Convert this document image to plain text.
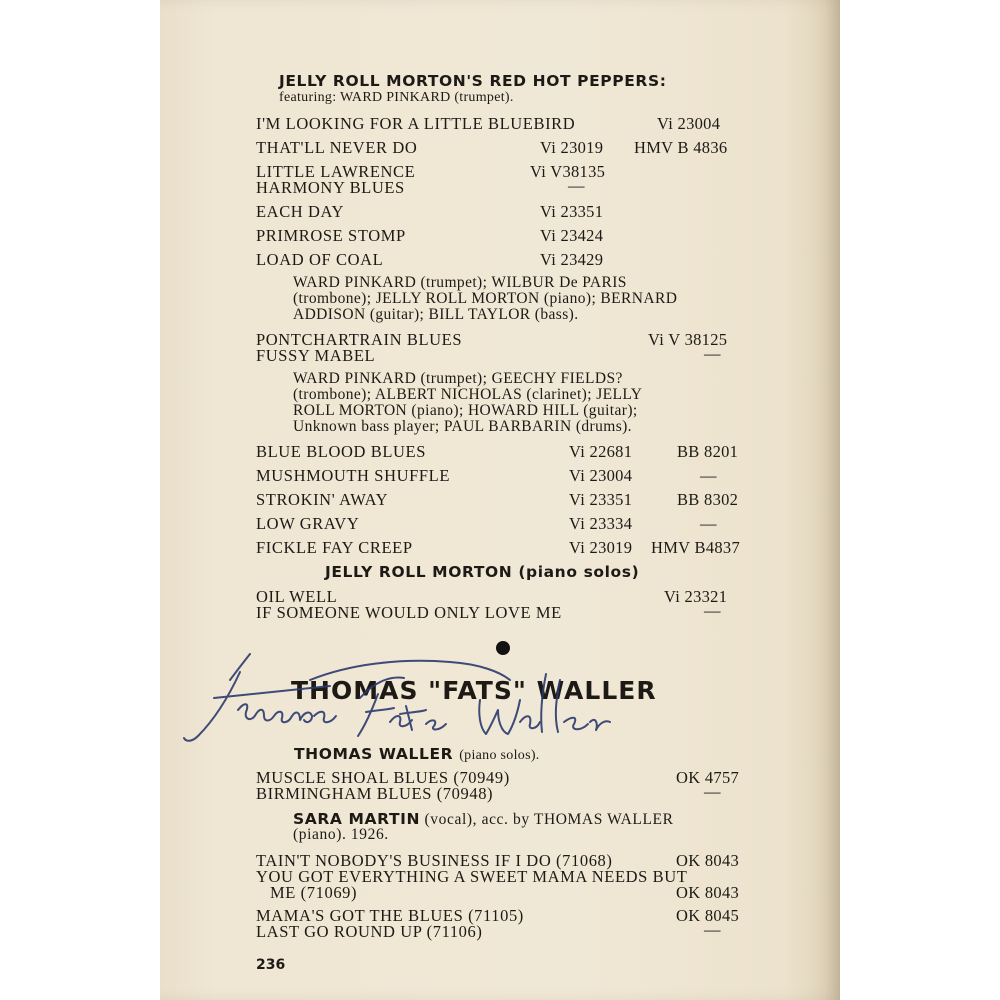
JELLY ROLL MORTON'S RED HOT PEPPERS:
featuring: WARD PINKARD (trumpet).
I'M LOOKING FOR A LITTLE BLUEBIRD	Vi 23004
THAT'LL NEVER DO	Vi 23019 HMV B 4836
LITTLE LAWRENCE	Vi V38135
HARMONY BLUES	—
EACH DAY	Vi 23351
PRIMROSE STOMP	Vi 23424
LOAD OF COAL	Vi 23429
WARD PINKARD (trumpet); WILBUR De PARIS
(trombone); JELLY ROLL MORTON (piano); BERNARD
ADDISON (guitar); BILL TAYLOR (bass).
PONTCHARTRAIN BLUES	Vi V 38125
FUSSY MABEL	—
WARD PINKARD (trumpet); GEECHY FIELDS?
(trombone); ALBERT NICHOLAS (clarinet); JELLY
ROLL MORTON (piano); HOWARD HILL (guitar);
Unknown bass player; PAUL BARBARIN (drums).
BLUE BLOOD BLUES	Vi 22681	BB 8201
MUSHMOUTH SHUFFLE	Vi 23004	—
STROKIN' AWAY	Vi 23351	BB 8302
LOW GRAVY	Vi 23334	—
FICKLE FAY CREEP	Vi 23019 HMV B4837
JELLY ROLL MORTON (piano solos)
OIL WELL	Vi 23321
IF SOMEONE WOULD ONLY LOVE ME	—
THOMAS "FATS" WALLER
THOMAS WALLER (piano solos).
MUSCLE SHOAL BLUES (70949)	OK 4757
BIRMINGHAM BLUES (70948)	—
SARA MARTIN (vocal), acc. by THOMAS WALLER
(piano). 1926.
TAIN'T NOBODY'S BUSINESS IF I DO (71068)	OK 8043
YOU GOT EVERYTHING A SWEET MAMA NEEDS BUT
ME (71069)	OK 8043
MAMA'S GOT THE BLUES (71105)	OK 8045
LAST GO ROUND UP (71106)	—
236
